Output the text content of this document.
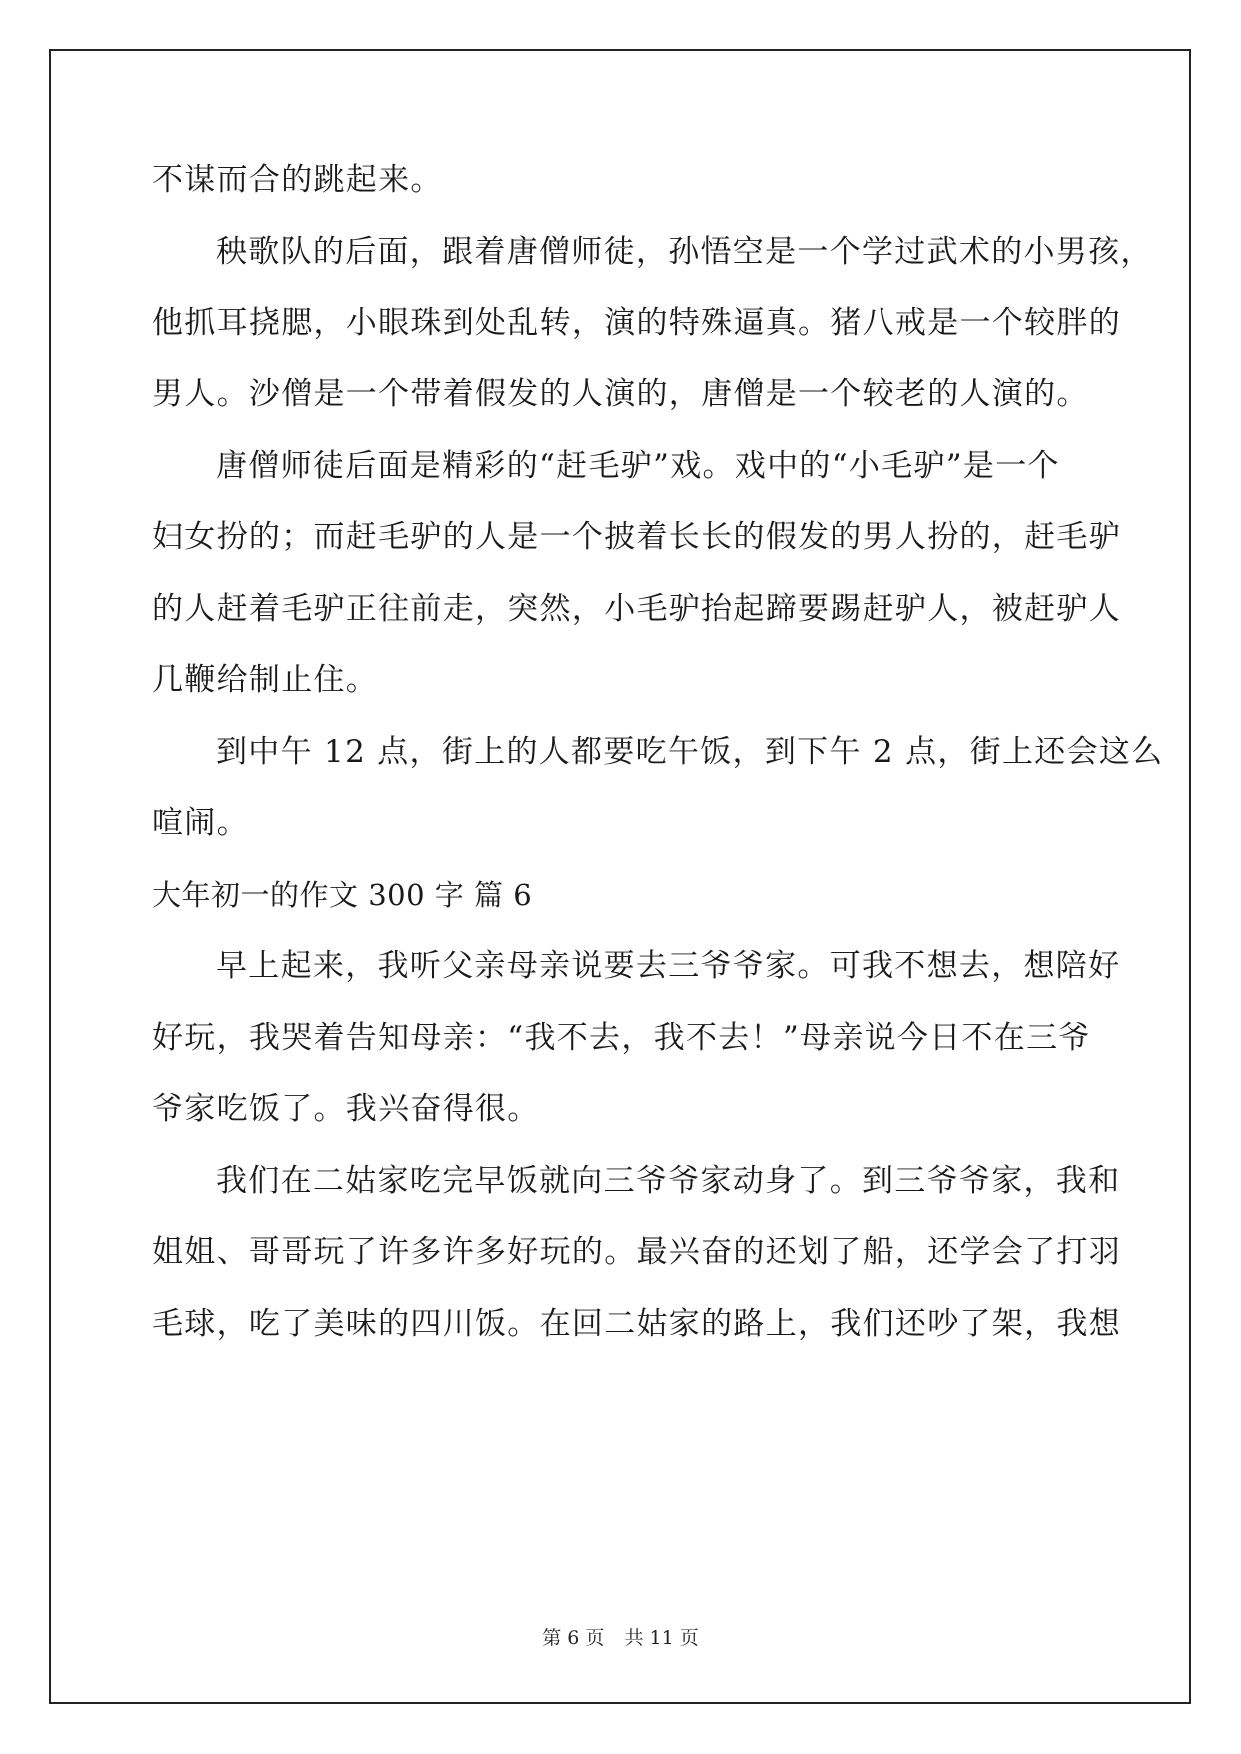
不谋而合的跳起来。
秧歌队的后面，跟着唐僧师徒，孙悟空是一个学过武术的小男孩，
他抓耳挠腮，小眼珠到处乱转，演的特殊逼真。猪八戒是一个较胖的
男人。沙僧是一个带着假发的人演的，唐僧是一个较老的人演的。
唐僧师徒后面是精彩的“赶毛驴”戏。戏中的“小毛驴”是一个
妇女扮的；而赶毛驴的人是一个披着长长的假发的男人扮的，赶毛驴
的人赶着毛驴正往前走，突然，小毛驴抬起蹄要踢赶驴人，被赶驴人
几鞭给制止住。
到中午 12 点，街上的人都要吃午饭，到下午 2 点，街上还会这么
喧闹。
大年初一的作文 300 字 篇 6
早上起来，我听父亲母亲说要去三爷爷家。可我不想去，想陪好
好玩，我哭着告知母亲：“我不去，我不去！”母亲说今日不在三爷
爷家吃饭了。我兴奋得很。
我们在二姑家吃完早饭就向三爷爷家动身了。到三爷爷家，我和
姐姐、哥哥玩了许多许多好玩的。最兴奋的还划了船，还学会了打羽
毛球，吃了美味的四川饭。在回二姑家的路上，我们还吵了架，我想
第 6 页 共 11 页
